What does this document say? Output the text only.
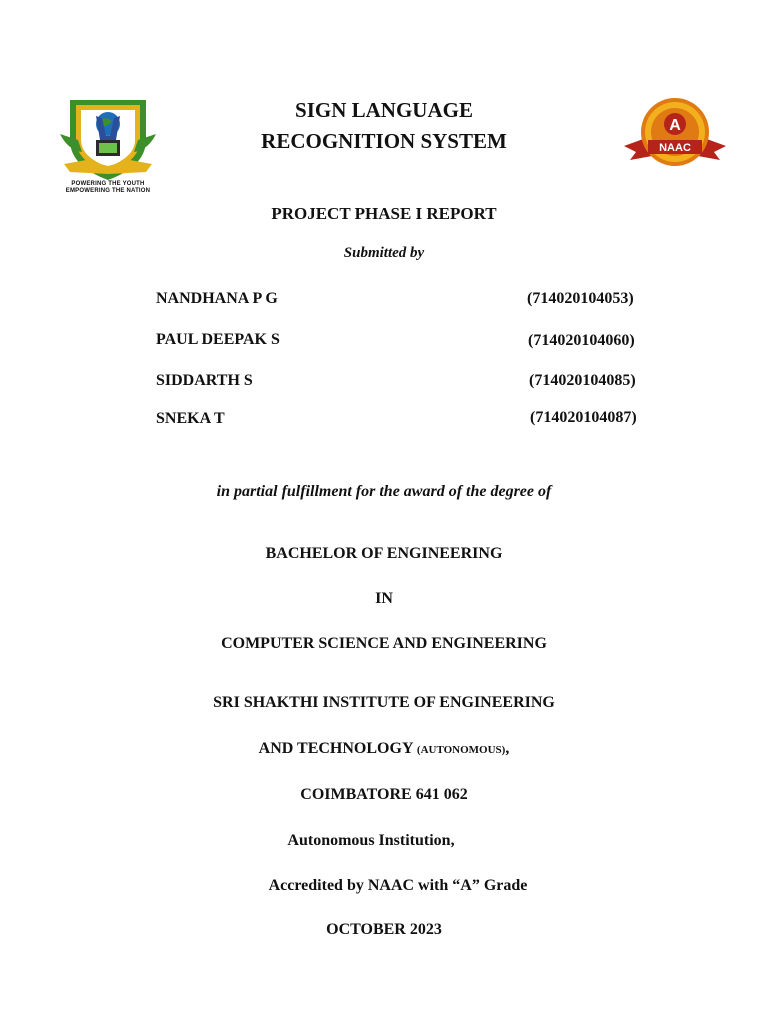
POWERING THE YOUTH
EMPOWERING THE NATION
A
NAAC
SIGN LANGUAGE
RECOGNITION SYSTEM
PROJECT PHASE I REPORT
Submitted by
NANDHANA P G	(714020104053)
PAUL DEEPAK S	(714020104060)
SIDDARTH S	(714020104085)
SNEKA T	(714020104087)
in partial fulfillment for the award of the degree of
BACHELOR OF ENGINEERING
IN
COMPUTER SCIENCE AND ENGINEERING
SRI SHAKTHI INSTITUTE OF ENGINEERING
AND TECHNOLOGY (AUTONOMOUS),
COIMBATORE 641 062
Autonomous Institution,
Accredited by NAAC with “A” Grade
OCTOBER 2023
